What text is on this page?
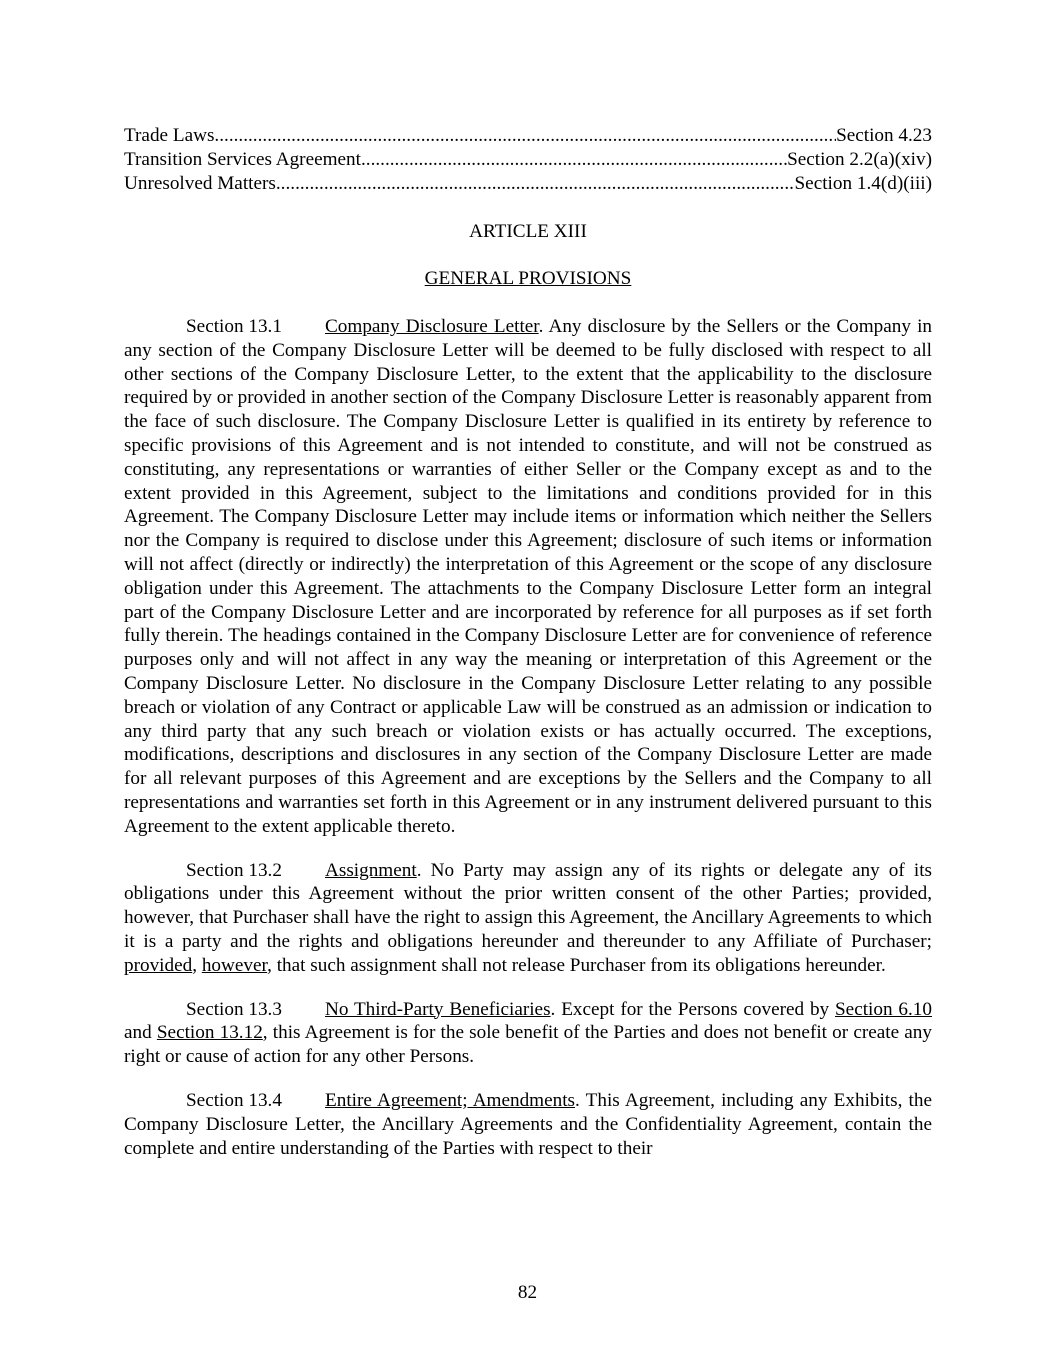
Trade Laws .....	Section 4.23
Transition Services Agreement .....	Section 2.2(a)(xiv)
Unresolved Matters .....	Section 1.4(d)(iii)
ARTICLE XIII
GENERAL PROVISIONS

Section 13.1 Company Disclosure Letter. Any disclosure by the Sellers or the Company in any section of the Company Disclosure Letter will be deemed to be fully disclosed with respect to all other sections of the Company Disclosure Letter, to the extent that the applicability to the disclosure required by or provided in another section of the Company Disclosure Letter is reasonably apparent from the face of such disclosure. The Company Disclosure Letter is qualified in its entirety by reference to specific provisions of this Agreement and is not intended to constitute, and will not be construed as constituting, any representations or warranties of either Seller or the Company except as and to the extent provided in this Agreement, subject to the limitations and conditions provided for in this Agreement. The Company Disclosure Letter may include items or information which neither the Sellers nor the Company is required to disclose under this Agreement; disclosure of such items or information will not affect (directly or indirectly) the interpretation of this Agreement or the scope of any disclosure obligation under this Agreement. The attachments to the Company Disclosure Letter form an integral part of the Company Disclosure Letter and are incorporated by reference for all purposes as if set forth fully therein. The headings contained in the Company Disclosure Letter are for convenience of reference purposes only and will not affect in any way the meaning or interpretation of this Agreement or the Company Disclosure Letter. No disclosure in the Company Disclosure Letter relating to any possible breach or violation of any Contract or applicable Law will be construed as an admission or indication to any third party that any such breach or violation exists or has actually occurred. The exceptions, modifications, descriptions and disclosures in any section of the Company Disclosure Letter are made for all relevant purposes of this Agreement and are exceptions by the Sellers and the Company to all representations and warranties set forth in this Agreement or in any instrument delivered pursuant to this Agreement to the extent applicable thereto.

Section 13.2 Assignment. No Party may assign any of its rights or delegate any of its obligations under this Agreement without the prior written consent of the other Parties; provided, however, that Purchaser shall have the right to assign this Agreement, the Ancillary Agreements to which it is a party and the rights and obligations hereunder and thereunder to any Affiliate of Purchaser; provided, however, that such assignment shall not release Purchaser from its obligations hereunder.

Section 13.3 No Third-Party Beneficiaries. Except for the Persons covered by Section 6.10 and Section 13.12, this Agreement is for the sole benefit of the Parties and does not benefit or create any right or cause of action for any other Persons.

Section 13.4 Entire Agreement; Amendments. This Agreement, including any Exhibits, the Company Disclosure Letter, the Ancillary Agreements and the Confidentiality Agreement, contain the complete and entire understanding of the Parties with respect to their

82
